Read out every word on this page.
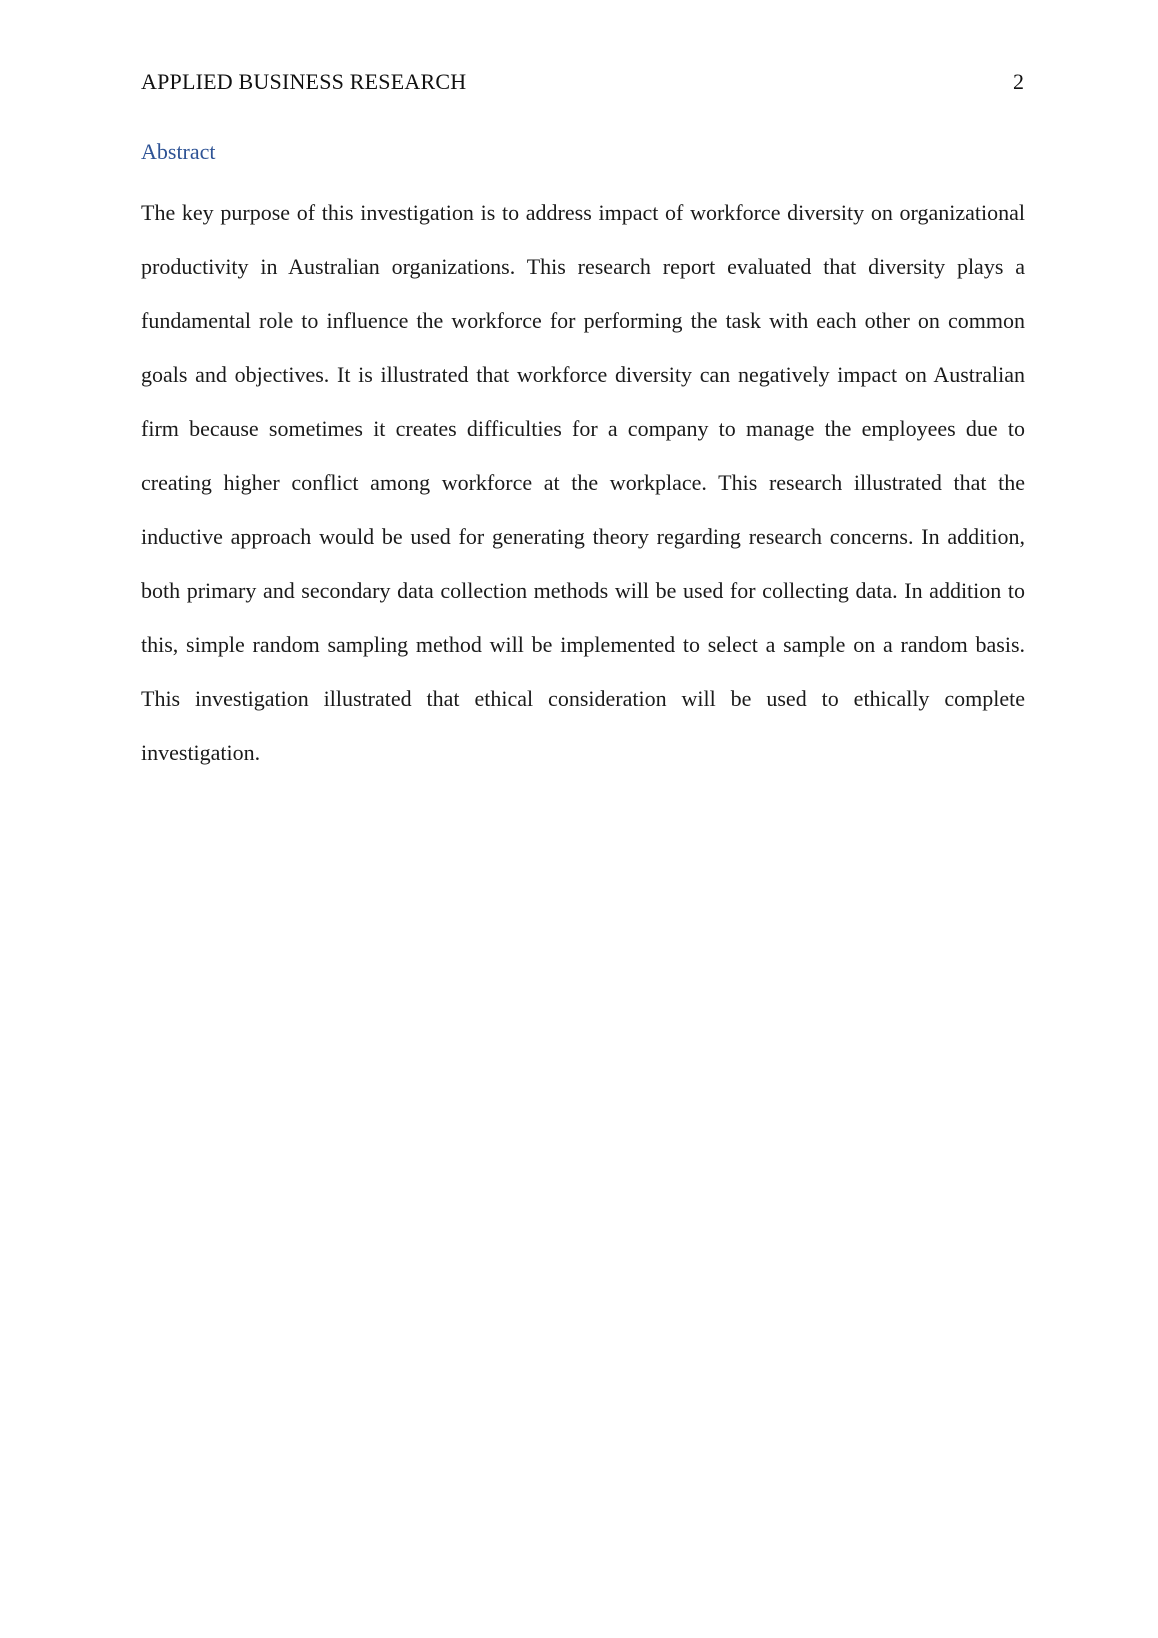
APPLIED BUSINESS RESEARCH	2
Abstract

The key purpose of this investigation is to address impact of workforce diversity on organizational productivity in Australian organizations. This research report evaluated that diversity plays a fundamental role to influence the workforce for performing the task with each other on common goals and objectives. It is illustrated that workforce diversity can negatively impact on Australian firm because sometimes it creates difficulties for a company to manage the employees due to creating higher conflict among workforce at the workplace. This research illustrated that the inductive approach would be used for generating theory regarding research concerns. In addition, both primary and secondary data collection methods will be used for collecting data. In addition to this, simple random sampling method will be implemented to select a sample on a random basis. This investigation illustrated that ethical consideration will be used to ethically complete investigation.
